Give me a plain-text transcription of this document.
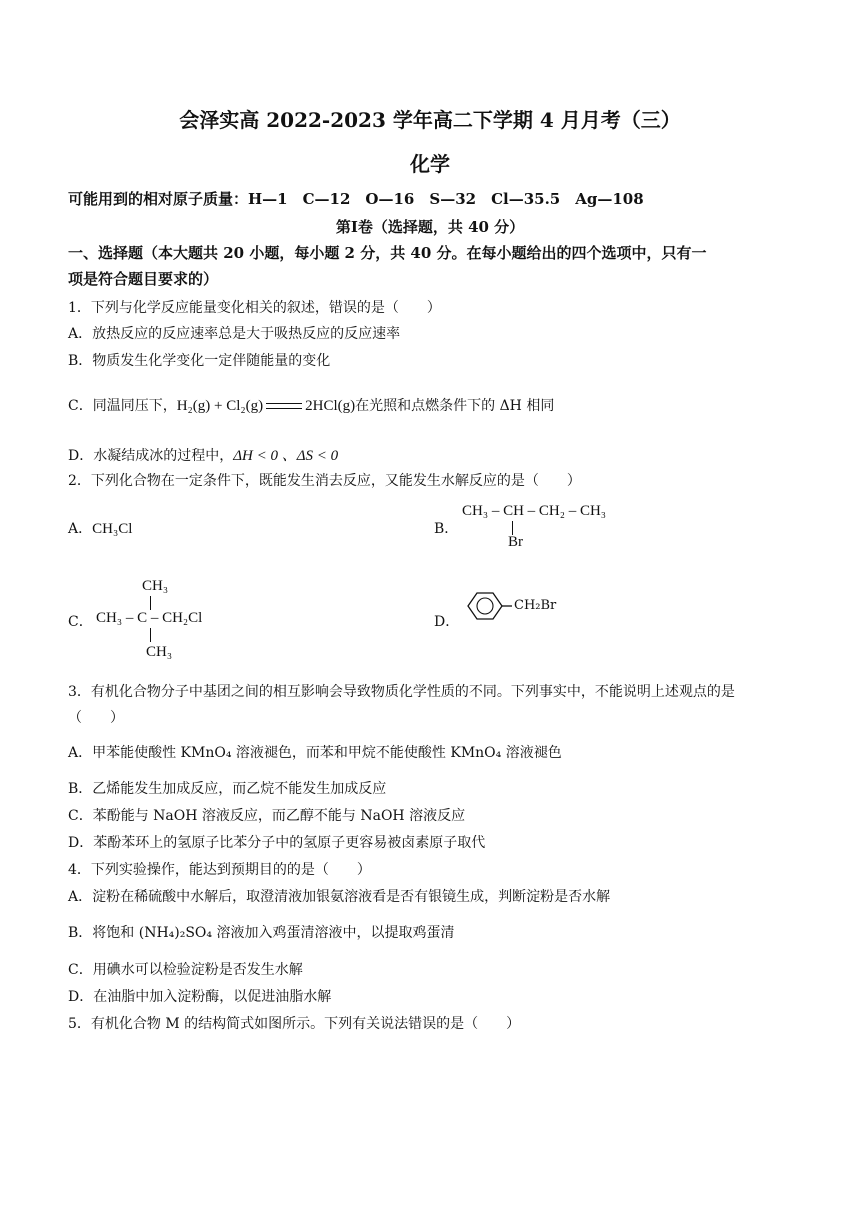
会泽实高 2022-2023 学年高二下学期 4 月月考（三）
化学
可能用到的相对原子质量：H—1　C—12　O—16　S—32　Cl—35.5　Ag—108
第Ⅰ卷（选择题，共 40 分）
一、选择题（本大题共 20 小题，每小题 2 分，共 40 分。在每小题给出的四个选项中，只有一
项是符合题目要求的）
1．下列与化学反应能量变化相关的叙述，错误的是（　　）
A．放热反应的反应速率总是大于吸热反应的反应速率
B．物质发生化学变化一定伴随能量的变化
C．同温同压下，H₂(g) + Cl₂(g)	2HCl(g)在光照和点燃条件下的 ΔH 相同
D．水凝结成冰的过程中，ΔH < 0 、ΔS < 0
2．下列化合物在一定条件下，既能发生消去反应，又能发生水解反应的是（　　）
A．CH₃Cl	B．
CH₃ – CH – CH₂ – CH₃
Br
C．
CH₃
CH₃ – C – CH₂Cl
CH₃
D．
CH₂Br
3．有机化合物分子中基团之间的相互影响会导致物质化学性质的不同。下列事实中，不能说明上述观点的是
（　　）
A．甲苯能使酸性 KMnO₄ 溶液褪色，而苯和甲烷不能使酸性 KMnO₄ 溶液褪色
B．乙烯能发生加成反应，而乙烷不能发生加成反应
C．苯酚能与 NaOH 溶液反应，而乙醇不能与 NaOH 溶液反应
D．苯酚苯环上的氢原子比苯分子中的氢原子更容易被卤素原子取代
4．下列实验操作，能达到预期目的的是（　　）
A．淀粉在稀硫酸中水解后，取澄清液加银氨溶液看是否有银镜生成，判断淀粉是否水解
B．将饱和 (NH₄)₂SO₄ 溶液加入鸡蛋清溶液中，以提取鸡蛋清
C．用碘水可以检验淀粉是否发生水解
D．在油脂中加入淀粉酶，以促进油脂水解
5．有机化合物 M 的结构简式如图所示。下列有关说法错误的是（　　）
